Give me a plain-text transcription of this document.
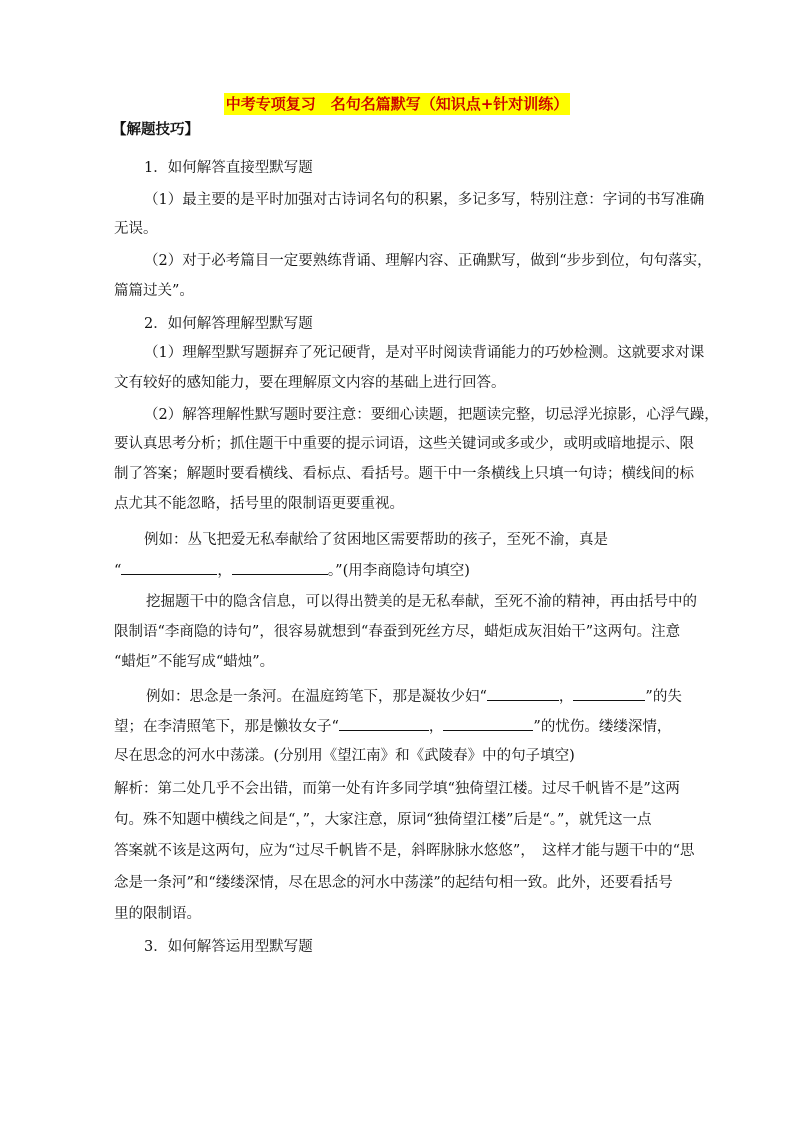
中考专项复习　名句名篇默写（知识点+针对训练）
【解题技巧】
1．如何解答直接型默写题
（1）最主要的是平时加强对古诗词名句的积累，多记多写，特别注意：字词的书写准确
无误。
（2）对于必考篇目一定要熟练背诵、理解内容、正确默写，做到“步步到位，句句落实，
篇篇过关”。
2．如何解答理解型默写题
（1）理解型默写题摒弃了死记硬背，是对平时阅读背诵能力的巧妙检测。这就要求对课
文有较好的感知能力，要在理解原文内容的基础上进行回答。
（2）解答理解性默写题时要注意：要细心读题，把题读完整，切忌浮光掠影，心浮气躁，
要认真思考分析；抓住题干中重要的提示词语，这些关键词或多或少，或明或暗地提示、限
制了答案；解题时要看横线、看标点、看括号。题干中一条横线上只填一句诗；横线间的标
点尤其不能忽略，括号里的限制语更要重视。
例如：丛飞把爱无私奉献给了贫困地区需要帮助的孩子，至死不渝，真是
“	，	。”(用李商隐诗句填空)
挖掘题干中的隐含信息，可以得出赞美的是无私奉献，至死不渝的精神，再由括号中的
限制语“李商隐的诗句”，很容易就想到“春蚕到死丝方尽，蜡炬成灰泪始干”这两句。注意
“蜡炬”不能写成“蜡烛”。
例如：思念是一条河。在温庭筠笔下，那是凝妆少妇“	，	”的失
望；在李清照笔下，那是懒妆女子“	，	”的忧伤。缕缕深情，
尽在思念的河水中荡漾。(分别用《望江南》和《武陵春》中的句子填空)
解析：第二处几乎不会出错，而第一处有许多同学填“独倚望江楼。过尽千帆皆不是”这两
句。殊不知题中横线之间是“，”，大家注意，原词“独倚望江楼”后是“。”，就凭这一点
答案就不该是这两句，应为“过尽千帆皆不是，斜晖脉脉水悠悠”，　这样才能与题干中的“思
念是一条河”和“缕缕深情，尽在思念的河水中荡漾”的起结句相一致。此外，还要看括号
里的限制语。
3．如何解答运用型默写题
